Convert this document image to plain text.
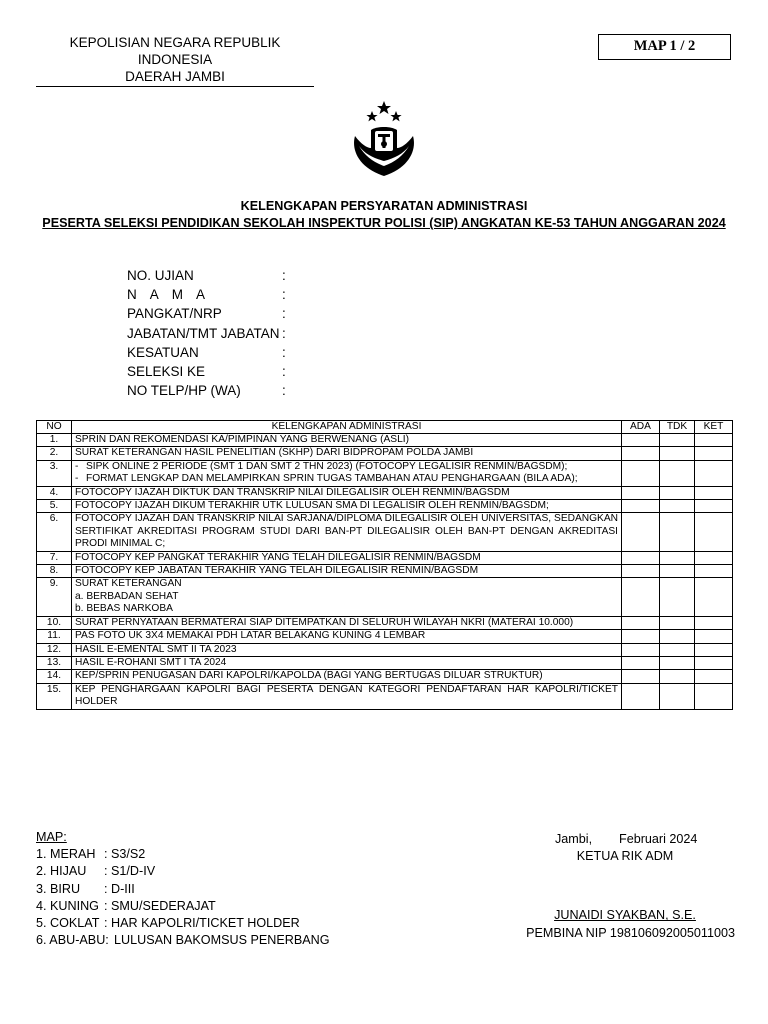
KEPOLISIAN NEGARA REPUBLIK INDONESIA
DAERAH JAMBI
MAP 1 / 2
KELENGKAPAN PERSYARATAN ADMINISTRASI
PESERTA SELEKSI PENDIDIKAN SEKOLAH INSPEKTUR POLISI (SIP) ANGKATAN KE-53 TAHUN ANGGARAN 2024
NO. UJIAN	:
N A M A	:
PANGKAT/NRP	:
JABATAN/TMT JABATAN :
KESATUAN	:
SELEKSI KE	:
NO TELP/HP (WA)	:
NO	KELENGKAPAN ADMINISTRASI	ADA	TDK	KET
1.	SPRIN DAN REKOMENDASI KA/PIMPINAN YANG BERWENANG (ASLI)			

2.	SURAT KETERANGAN HASIL PENELITIAN (SKHP) DARI BIDPROPAM POLDA JAMBI			

3.	- SIPK ONLINE 2 PERIODE (SMT 1 DAN SMT 2 THN 2023) (FOTOCOPY LEGALISIR RENMIN/BAGSDM);
- FORMAT LENGKAP DAN MELAMPIRKAN SPRIN TUGAS TAMBAHAN ATAU PENGHARGAAN (BILA ADA);			

4.	FOTOCOPY IJAZAH DIKTUK DAN TRANSKRIP NILAI DILEGALISIR OLEH RENMIN/BAGSDM			

5.	FOTOCOPY IJAZAH DIKUM TERAKHIR UTK LULUSAN SMA DI LEGALISIR OLEH RENMIN/BAGSDM;			

6.	FOTOCOPY IJAZAH DAN TRANSKRIP NILAI SARJANA/DIPLOMA DILEGALISIR OLEH UNIVERSITAS, SEDANGKAN SERTIFIKAT AKREDITASI PROGRAM STUDI DARI BAN-PT DILEGALISIR OLEH BAN-PT DENGAN AKREDITASI PRODI MINIMAL C;			

7.	FOTOCOPY KEP PANGKAT TERAKHIR YANG TELAH DILEGALISIR RENMIN/BAGSDM			

8.	FOTOCOPY KEP JABATAN TERAKHIR YANG TELAH DILEGALISIR RENMIN/BAGSDM			

9.	SURAT KETERANGAN
a. BERBADAN SEHAT
b. BEBAS NARKOBA			

10.	SURAT PERNYATAAN BERMATERAI SIAP DITEMPATKAN DI SELURUH WILAYAH NKRI (MATERAI 10.000)			

11.	PAS FOTO UK 3X4 MEMAKAI PDH LATAR BELAKANG KUNING 4 LEMBAR			

12.	HASIL E-EMENTAL SMT II TA 2023			

13.	HASIL E-ROHANI SMT I TA 2024			

14.	KEP/SPRIN PENUGASAN DARI KAPOLRI/KAPOLDA (BAGI YANG BERTUGAS DILUAR STRUKTUR)			

15.	KEP PENGHARGAAN KAPOLRI BAGI PESERTA DENGAN KATEGORI PENDAFTARAN HAR KAPOLRI/TICKET HOLDER			

MAP:
1. MERAH : S3/S2
2. HIJAU	: S1/D-IV
3. BIRU	: D-III
4. KUNING : SMU/SEDERAJAT
5. COKLAT : HAR KAPOLRI/TICKET HOLDER
6. ABU-ABU: LULUSAN BAKOMSUS PENERBANG
Jambi,	Februari 2024
KETUA RIK ADM
JUNAIDI SYAKBAN, S.E.
PEMBINA NIP 198106092005011003
